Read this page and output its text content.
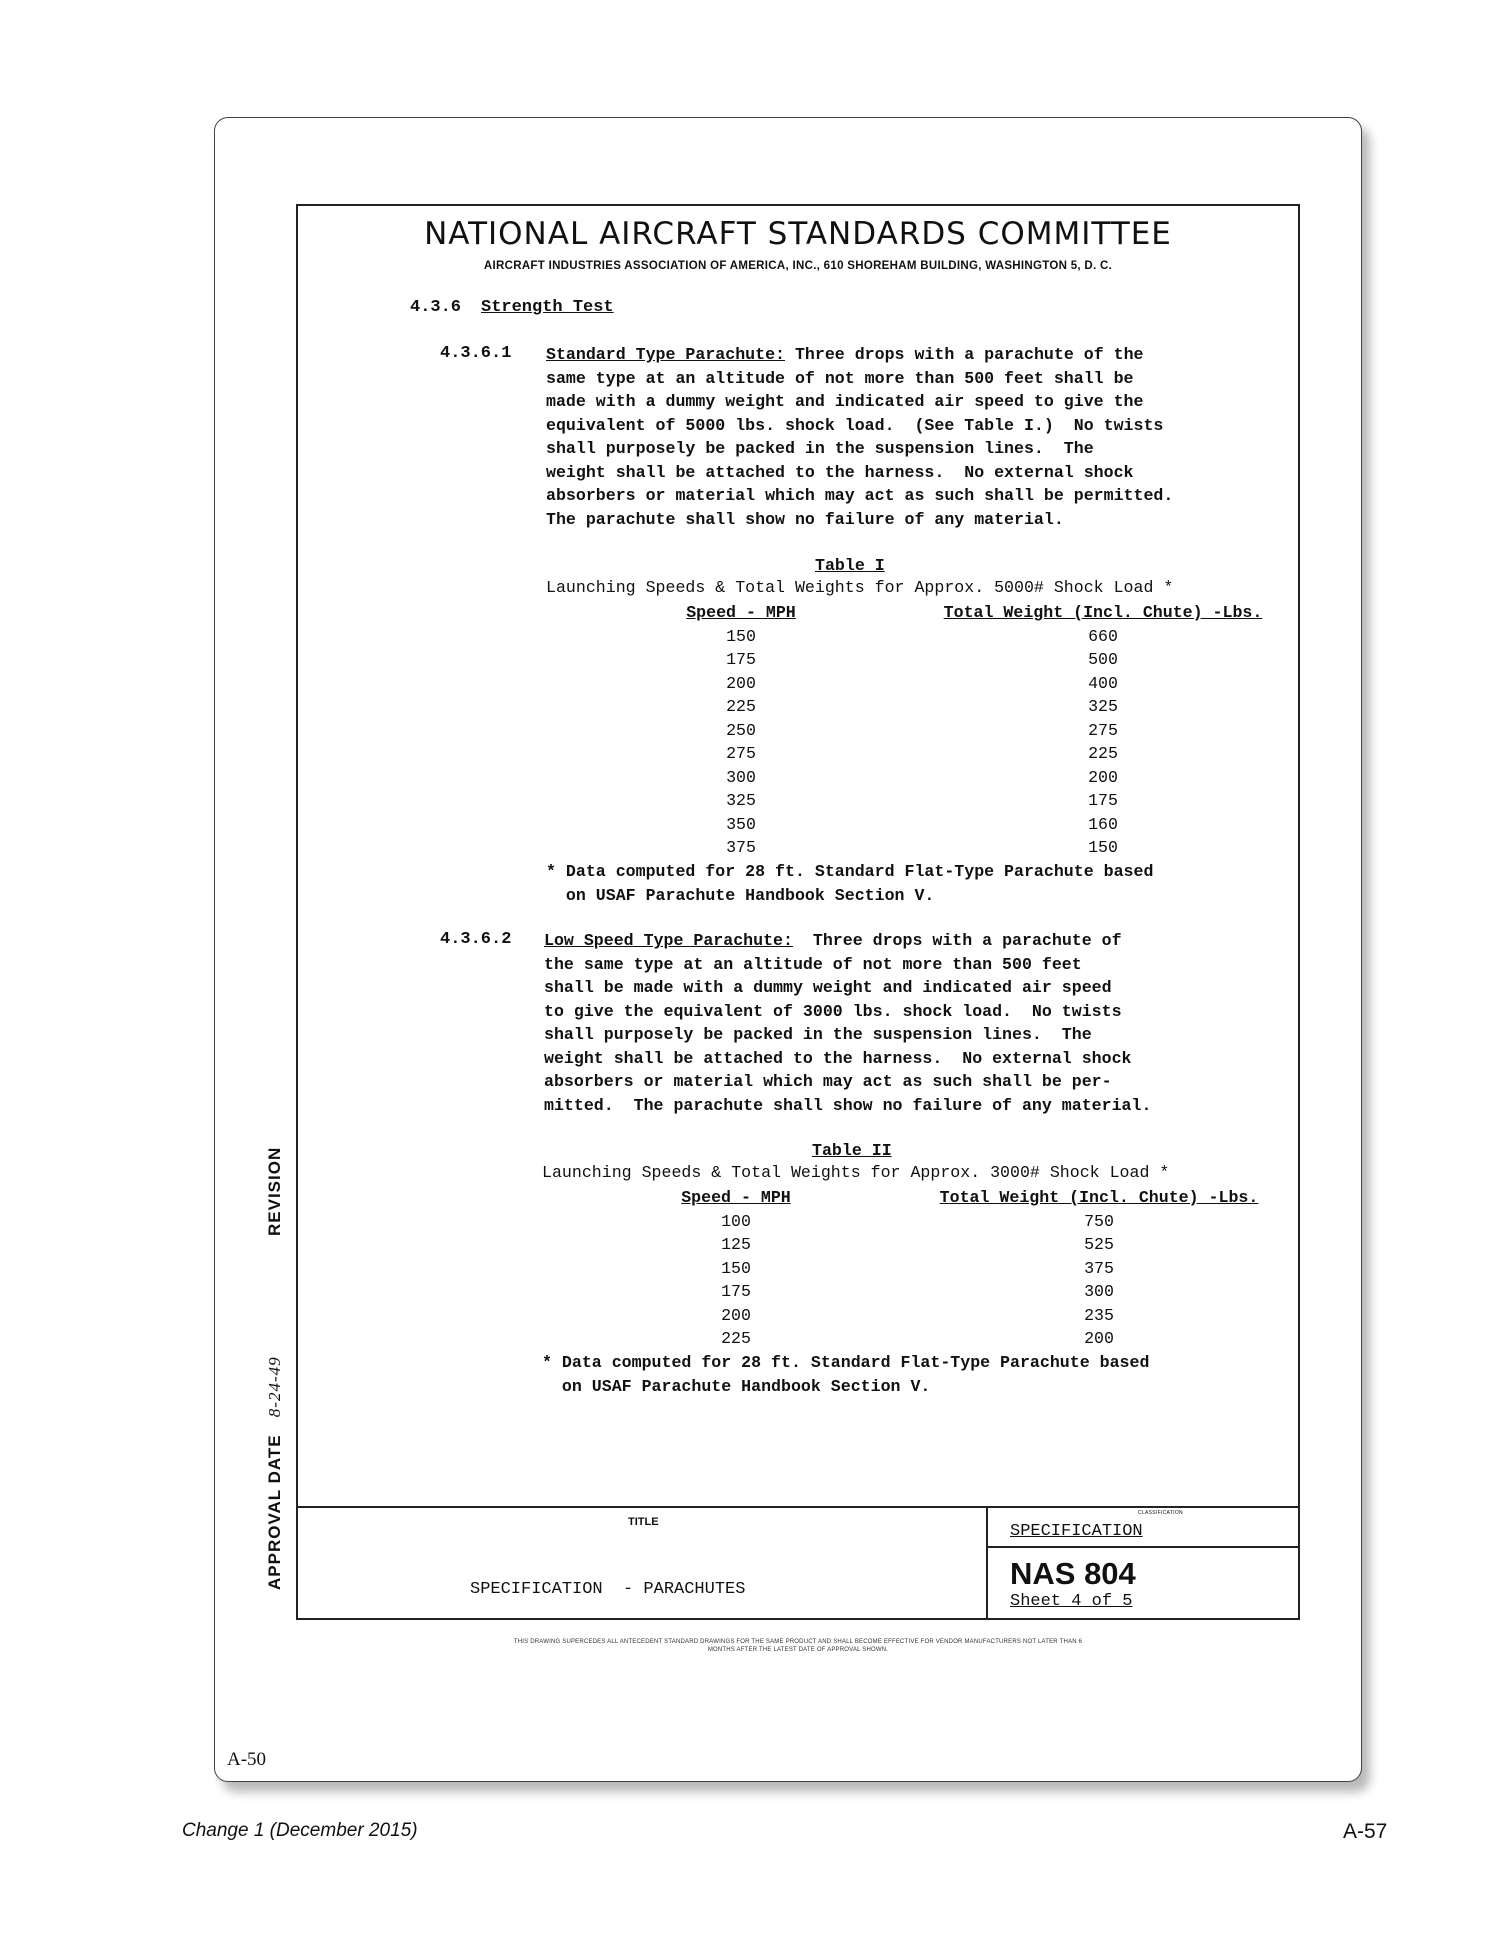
A-50
NATIONAL AIRCRAFT STANDARDS COMMITTEE
AIRCRAFT INDUSTRIES ASSOCIATION OF AMERICA, INC., 610 SHOREHAM BUILDING, WASHINGTON 5, D. C.
4.3.6 Strength Test
4.3.6.1 Standard Type Parachute: Three drops with a parachute of the
same type at an altitude of not more than 500 feet shall be
made with a dummy weight and indicated air speed to give the
equivalent of 5000 lbs. shock load.  (See Table I.)  No twists
shall purposely be packed in the suspension lines.  The
weight shall be attached to the harness.  No external shock
absorbers or material which may act as such shall be permitted.
The parachute shall show no failure of any material.
Table I
Launching Speeds & Total Weights for Approx. 5000# Shock Load *
Speed - MPH
150
175
200
225
250
275
300
325
350
375
Total Weight (Incl. Chute) -Lbs.
660
500
400
325
275
225
200
175
160
150
* Data computed for 28 ft. Standard Flat-Type Parachute based
on USAF Parachute Handbook Section V.
4.3.6.2 Low Speed Type Parachute:  Three drops with a parachute of
the same type at an altitude of not more than 500 feet
shall be made with a dummy weight and indicated air speed
to give the equivalent of 3000 lbs. shock load.  No twists
shall purposely be packed in the suspension lines.  The
weight shall be attached to the harness.  No external shock
absorbers or material which may act as such shall be per-
mitted.  The parachute shall show no failure of any material.
Table II
Launching Speeds & Total Weights for Approx. 3000# Shock Load *
Speed - MPH
100
125
150
175
200
225
Total Weight (Incl. Chute) -Lbs.
750
525
375
300
235
200
* Data computed for 28 ft. Standard Flat-Type Parachute based
on USAF Parachute Handbook Section V.
APPROVAL DATE   8-24-49
REVISION
TITLE
SPECIFICATION  - PARACHUTES
CLASSIFICATION
SPECIFICATION
NAS 804
Sheet 4 of 5
THIS DRAWING SUPERCEDES ALL ANTECEDENT STANDARD DRAWINGS FOR THE SAME PRODUCT AND SHALL BECOME EFFECTIVE FOR VENDOR MANUFACTURERS NOT LATER THAN 6
MONTHS AFTER THE LATEST DATE OF APPROVAL SHOWN.
Change 1 (December 2015)	A-57
